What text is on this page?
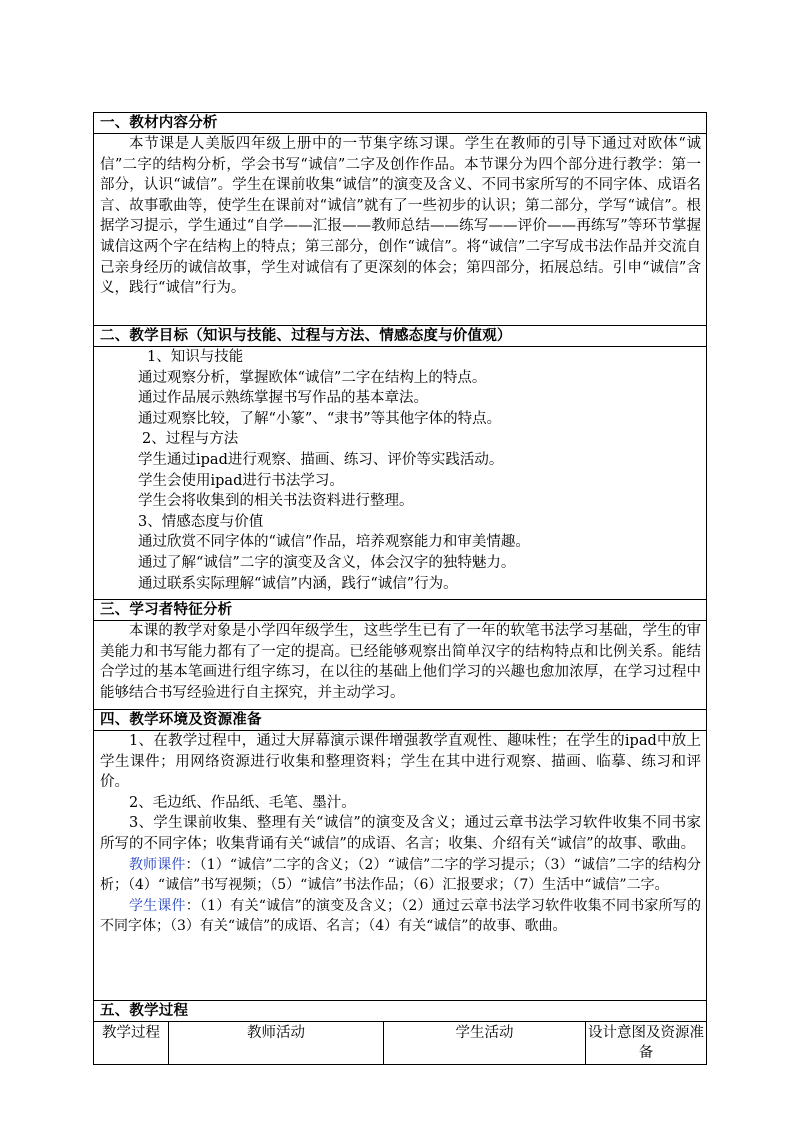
一、教材内容分析

本节课是人美版四年级上册中的一节集字练习课。学生在教师的引导下通过对欧体“诚信”二字的结构分析，学会书写“诚信”二字及创作作品。本节课分为四个部分进行教学：第一部分，认识“诚信”。学生在课前收集“诚信”的演变及含义、不同书家所写的不同字体、成语名言、故事歌曲等，使学生在课前对“诚信”就有了一些初步的认识；第二部分，学写“诚信”。根据学习提示，学生通过“自学——汇报——教师总结——练写——评价——再练写”等环节掌握诚信这两个字在结构上的特点；第三部分，创作“诚信”。将“诚信”二字写成书法作品并交流自己亲身经历的诚信故事，学生对诚信有了更深刻的体会；第四部分，拓展总结。引申“诚信”含义，践行“诚信”行为。

二、教学目标（知识与技能、过程与方法、情感态度与价值观）

1、知识与技能

通过观察分析，掌握欧体“诚信”二字在结构上的特点。

通过作品展示熟练掌握书写作品的基本章法。

通过观察比较，了解“小篆”、“隶书”等其他字体的特点。

2、过程与方法

学生通过ipad进行观察、描画、练习、评价等实践活动。

学生会使用ipad进行书法学习。

学生会将收集到的相关书法资料进行整理。

3、情感态度与价值

通过欣赏不同字体的“诚信”作品，培养观察能力和审美情趣。

通过了解“诚信”二字的演变及含义，体会汉字的独特魅力。

通过联系实际理解“诚信”内涵，践行“诚信”行为。

三、学习者特征分析

本课的教学对象是小学四年级学生，这些学生已有了一年的软笔书法学习基础，学生的审美能力和书写能力都有了一定的提高。已经能够观察出简单汉字的结构特点和比例关系。能结合学过的基本笔画进行组字练习，在以往的基础上他们学习的兴趣也愈加浓厚，在学习过程中能够结合书写经验进行自主探究，并主动学习。

四、教学环境及资源准备

1、在教学过程中，通过大屏幕演示课件增强教学直观性、趣味性；在学生的ipad中放上学生课件；用网络资源进行收集和整理资料；学生在其中进行观察、描画、临摹、练习和评价。

2、毛边纸、作品纸、毛笔、墨汁。

3、学生课前收集、整理有关“诚信”的演变及含义；通过云章书法学习软件收集不同书家所写的不同字体；收集背诵有关“诚信”的成语、名言；收集、介绍有关“诚信”的故事、歌曲。

教师课件：（1）“诚信”二字的含义；（2）“诚信”二字的学习提示；（3）“诚信”二字的结构分析；（4）“诚信”书写视频；（5）“诚信”书法作品；（6）汇报要求；（7）生活中“诚信”二字。

学生课件：（1）有关“诚信”的演变及含义；（2）通过云章书法学习软件收集不同书家所写的不同字体；（3）有关“诚信”的成语、名言；（4）有关“诚信”的故事、歌曲。

五、教学过程
教学过程	教师活动	学生活动	设计意图及资源准备
